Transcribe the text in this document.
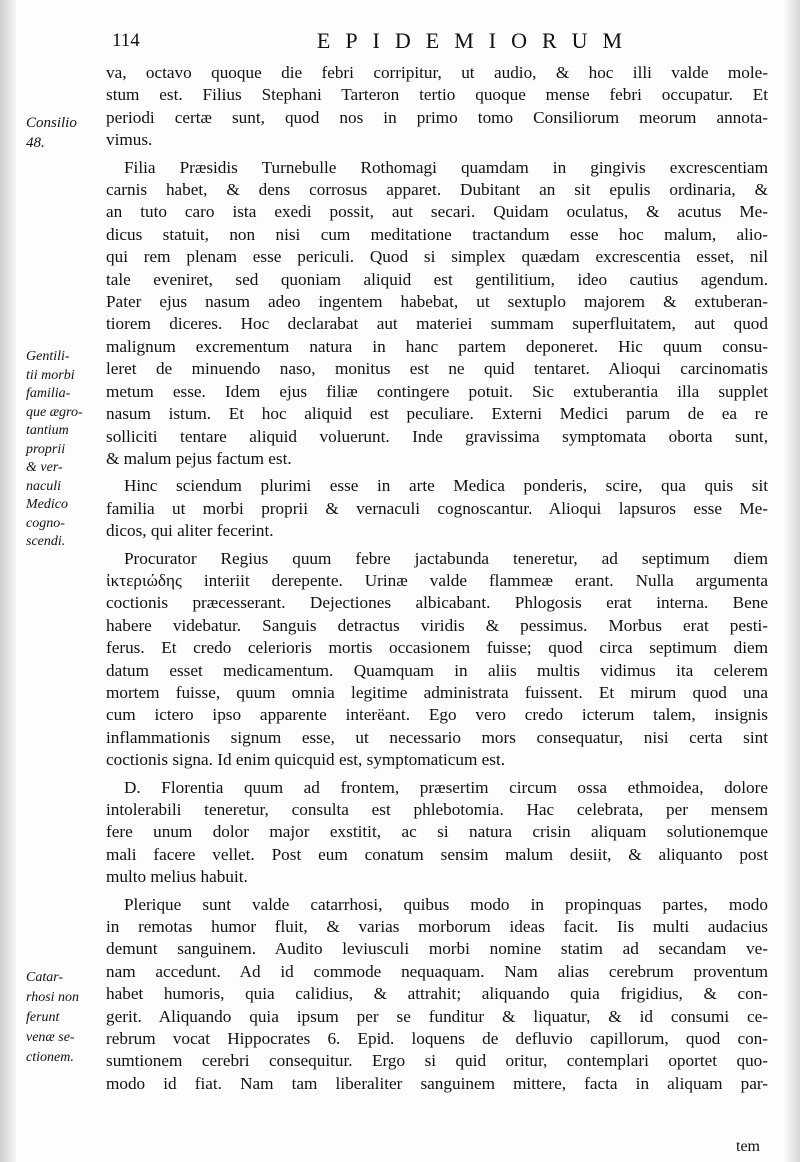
114	EPIDEMIORUM
Consilio
48.
Gentili-
tii morbi
familia-
que ægro-
tantium
proprii
& ver-
naculi
Medico
cogno-
scendi.
Catar-
rhosi non
ferunt
venæ se-
ctionem.
va, octavo quoque die febri corripitur, ut audio, & hoc illi valde mole-
stum est. Filius Stephani Tarteron tertio quoque mense febri occupatur. Et
periodi certæ sunt, quod nos in primo tomo Consiliorum meorum annota-
vimus.
Filia Præsidis Turnebulle Rothomagi quamdam in gingivis excrescentiam
carnis habet, & dens corrosus apparet. Dubitant an sit epulis ordinaria, &
an tuto caro ista exedi possit, aut secari. Quidam oculatus, & acutus Me-
dicus statuit, non nisi cum meditatione tractandum esse hoc malum, alio-
qui rem plenam esse periculi. Quod si simplex quædam excrescentia esset, nil
tale eveniret, sed quoniam aliquid est gentilitium, ideo cautius agendum.
Pater ejus nasum adeo ingentem habebat, ut sextuplo majorem & extuberan-
tiorem diceres. Hoc declarabat aut materiei summam superfluitatem, aut quod
malignum excrementum natura in hanc partem deponeret. Hic quum consu-
leret de minuendo naso, monitus est ne quid tentaret. Alioqui carcinomatis
metum esse. Idem ejus filiæ contingere potuit. Sic extuberantia illa supplet
nasum istum. Et hoc aliquid est peculiare. Externi Medici parum de ea re
solliciti tentare aliquid voluerunt. Inde gravissima symptomata oborta sunt,
& malum pejus factum est.
Hinc sciendum plurimi esse in arte Medica ponderis, scire, qua quis sit
familia ut morbi proprii & vernaculi cognoscantur. Alioqui lapsuros esse Me-
dicos, qui aliter fecerint.
Procurator Regius quum febre jactabunda teneretur, ad septimum diem
ἰκτεριώδης interiit derepente. Urinæ valde flammeæ erant. Nulla argumenta
coctionis præcesserant. Dejectiones albicabant. Phlogosis erat interna. Bene
habere videbatur. Sanguis detractus viridis & pessimus. Morbus erat pesti-
ferus. Et credo celerioris mortis occasionem fuisse; quod circa septimum diem
datum esset medicamentum. Quamquam in aliis multis vidimus ita celerem
mortem fuisse, quum omnia legitime administrata fuissent. Et mirum quod una
cum ictero ipso apparente interëant. Ego vero credo icterum talem, insignis
inflammationis signum esse, ut necessario mors consequatur, nisi certa sint
coctionis signa. Id enim quicquid est, symptomaticum est.
D. Florentia quum ad frontem, præsertim circum ossa ethmoidea, dolore
intolerabili teneretur, consulta est phlebotomia. Hac celebrata, per mensem
fere unum dolor major exstitit, ac si natura crisin aliquam solutionemque
mali facere vellet. Post eum conatum sensim malum desiit, & aliquanto post
multo melius habuit.
Plerique sunt valde catarrhosi, quibus modo in propinquas partes, modo
in remotas humor fluit, & varias morborum ideas facit. Iis multi audacius
demunt sanguinem. Audito leviusculi morbi nomine statim ad secandam ve-
nam accedunt. Ad id commode nequaquam. Nam alias cerebrum proventum
habet humoris, quia calidius, & attrahit; aliquando quia frigidius, & con-
gerit. Aliquando quia ipsum per se funditur & liquatur, & id consumi ce-
rebrum vocat Hippocrates 6. Epid. loquens de defluvio capillorum, quod con-
sumtionem cerebri consequitur. Ergo si quid oritur, contemplari oportet quo-
modo id fiat. Nam tam liberaliter sanguinem mittere, facta in aliquam par-
tem
